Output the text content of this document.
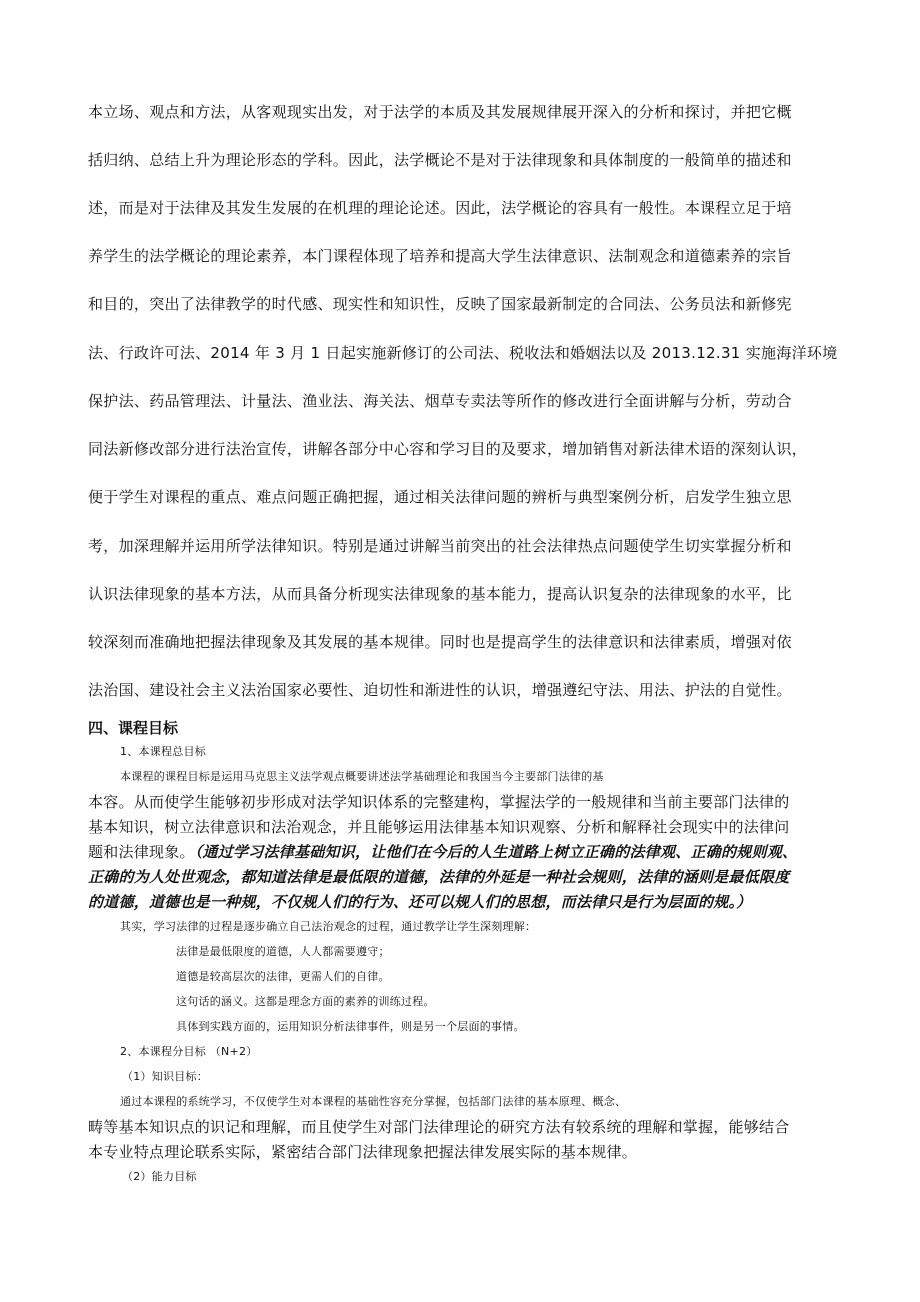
本立场、观点和方法，从客观现实出发，对于法学的本质及其发展规律展开深入的分析和探讨，并把它概
括归纳、总结上升为理论形态的学科。因此，法学概论不是对于法律现象和具体制度的一般简单的描述和
述，而是对于法律及其发生发展的在机理的理论论述。因此，法学概论的容具有一般性。本课程立足于培
养学生的法学概论的理论素养，本门课程体现了培养和提高大学生法律意识、法制观念和道德素养的宗旨
和目的，突出了法律教学的时代感、现实性和知识性，反映了国家最新制定的合同法、公务员法和新修宪
法、行政许可法、2014 年 3 月 1 日起实施新修订的公司法、税收法和婚姻法以及 2013.12.31 实施海洋环境
保护法、药品管理法、计量法、渔业法、海关法、烟草专卖法等所作的修改进行全面讲解与分析，劳动合
同法新修改部分进行法治宣传，讲解各部分中心容和学习目的及要求，增加销售对新法律术语的深刻认识，
便于学生对课程的重点、难点问题正确把握，通过相关法律问题的辨析与典型案例分析，启发学生独立思
考，加深理解并运用所学法律知识。特别是通过讲解当前突出的社会法律热点问题使学生切实掌握分析和
认识法律现象的基本方法，从而具备分析现实法律现象的基本能力，提高认识复杂的法律现象的水平，比
较深刻而准确地把握法律现象及其发展的基本规律。同时也是提高学生的法律意识和法律素质，增强对依
法治国、建设社会主义法治国家必要性、迫切性和渐进性的认识，增强遵纪守法、用法、护法的自觉性。
四、课程目标
1、本课程总目标
本课程的课程目标是运用马克思主义法学观点概要讲述法学基础理论和我国当今主要部门法律的基
本容。从而使学生能够初步形成对法学知识体系的完整建构，掌握法学的一般规律和当前主要部门法律的
基本知识，树立法律意识和法治观念，并且能够运用法律基本知识观察、分析和解释社会现实中的法律问
题和法律现象。（通过学习法律基础知识，让他们在今后的人生道路上树立正确的法律观、正确的规则观、
正确的为人处世观念，都知道法律是最低限的道德，法律的外延是一种社会规则，法律的涵则是最低限度
的道德，道德也是一种规，不仅规人们的行为、还可以规人们的思想，而法律只是行为层面的规。）
其实，学习法律的过程是逐步确立自己法治观念的过程，通过教学让学生深刻理解：
法律是最低限度的道德，人人都需要遵守；
道德是较高层次的法律，更需人们的自律。
这句话的涵义。这都是理念方面的素养的训练过程。
具体到实践方面的，运用知识分析法律事件，则是另一个层面的事情。
2、本课程分目标 （N+2）
（1）知识目标：
通过本课程的系统学习，不仅使学生对本课程的基础性容充分掌握，包括部门法律的基本原理、概念、
畴等基本知识点的识记和理解，而且使学生对部门法律理论的研究方法有较系统的理解和掌握，能够结合
本专业特点理论联系实际，紧密结合部门法律现象把握法律发展实际的基本规律。
（2）能力目标
